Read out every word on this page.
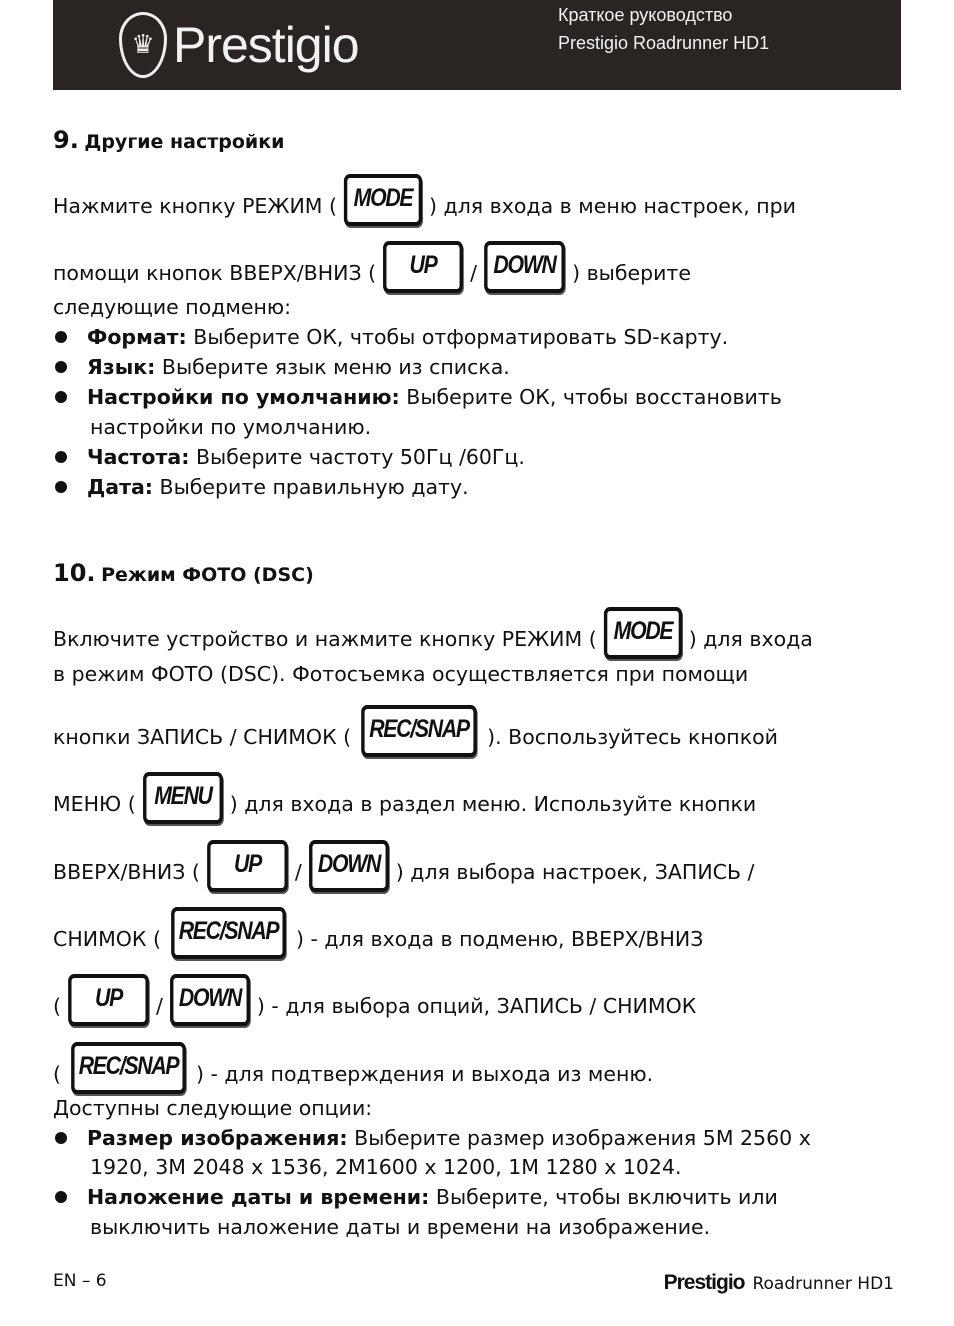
♛ Prestigio
Краткое руководство
Prestigio Roadrunner HD1
9. Другие настройки
Нажмите кнопку РЕЖИМ ( MODE ) для входа в меню настроек, при
помощи кнопок ВВЕРХ/ВНИЗ (	UP	/ DOWN ) выберите
следующие подменю:
Формат: Выберите ОК, чтобы отформатировать SD-карту.
Язык: Выберите язык меню из списка.
Настройки по умолчанию: Выберите ОК, чтобы восстановить
настройки по умолчанию.
Частота: Выберите частоту 50Гц /60Гц.
Дата: Выберите правильную дату.
10. Режим ФОТО (DSC)
Включите устройство и нажмите кнопку РЕЖИМ ( MODE ) для входа
в режим ФОТО (DSC). Фотосъемка осуществляется при помощи
кнопки ЗАПИСЬ / СНИМОК ( REC/SNAP ). Воспользуйтесь кнопкой
МЕНЮ ( MENU ) для входа в раздел меню. Используйте кнопки
ВВЕРХ/ВНИЗ (	UP	/ DOWN ) для выбора настроек, ЗАПИСЬ /
СНИМОК ( REC/SNAP ) - для входа в подменю, ВВЕРХ/ВНИЗ
(	UP	/ DOWN ) - для выбора опций, ЗАПИСЬ / СНИМОК
( REC/SNAP ) - для подтверждения и выхода из меню.
Доступны следующие опции:
Размер изображения: Выберите размер изображения 5M 2560 x
1920, 3M 2048 x 1536, 2M1600 x 1200, 1M 1280 x 1024.
Наложение даты и времени: Выберите, чтобы включить или
выключить наложение даты и времени на изображение.
EN – 6	Prestigio Roadrunner HD1
